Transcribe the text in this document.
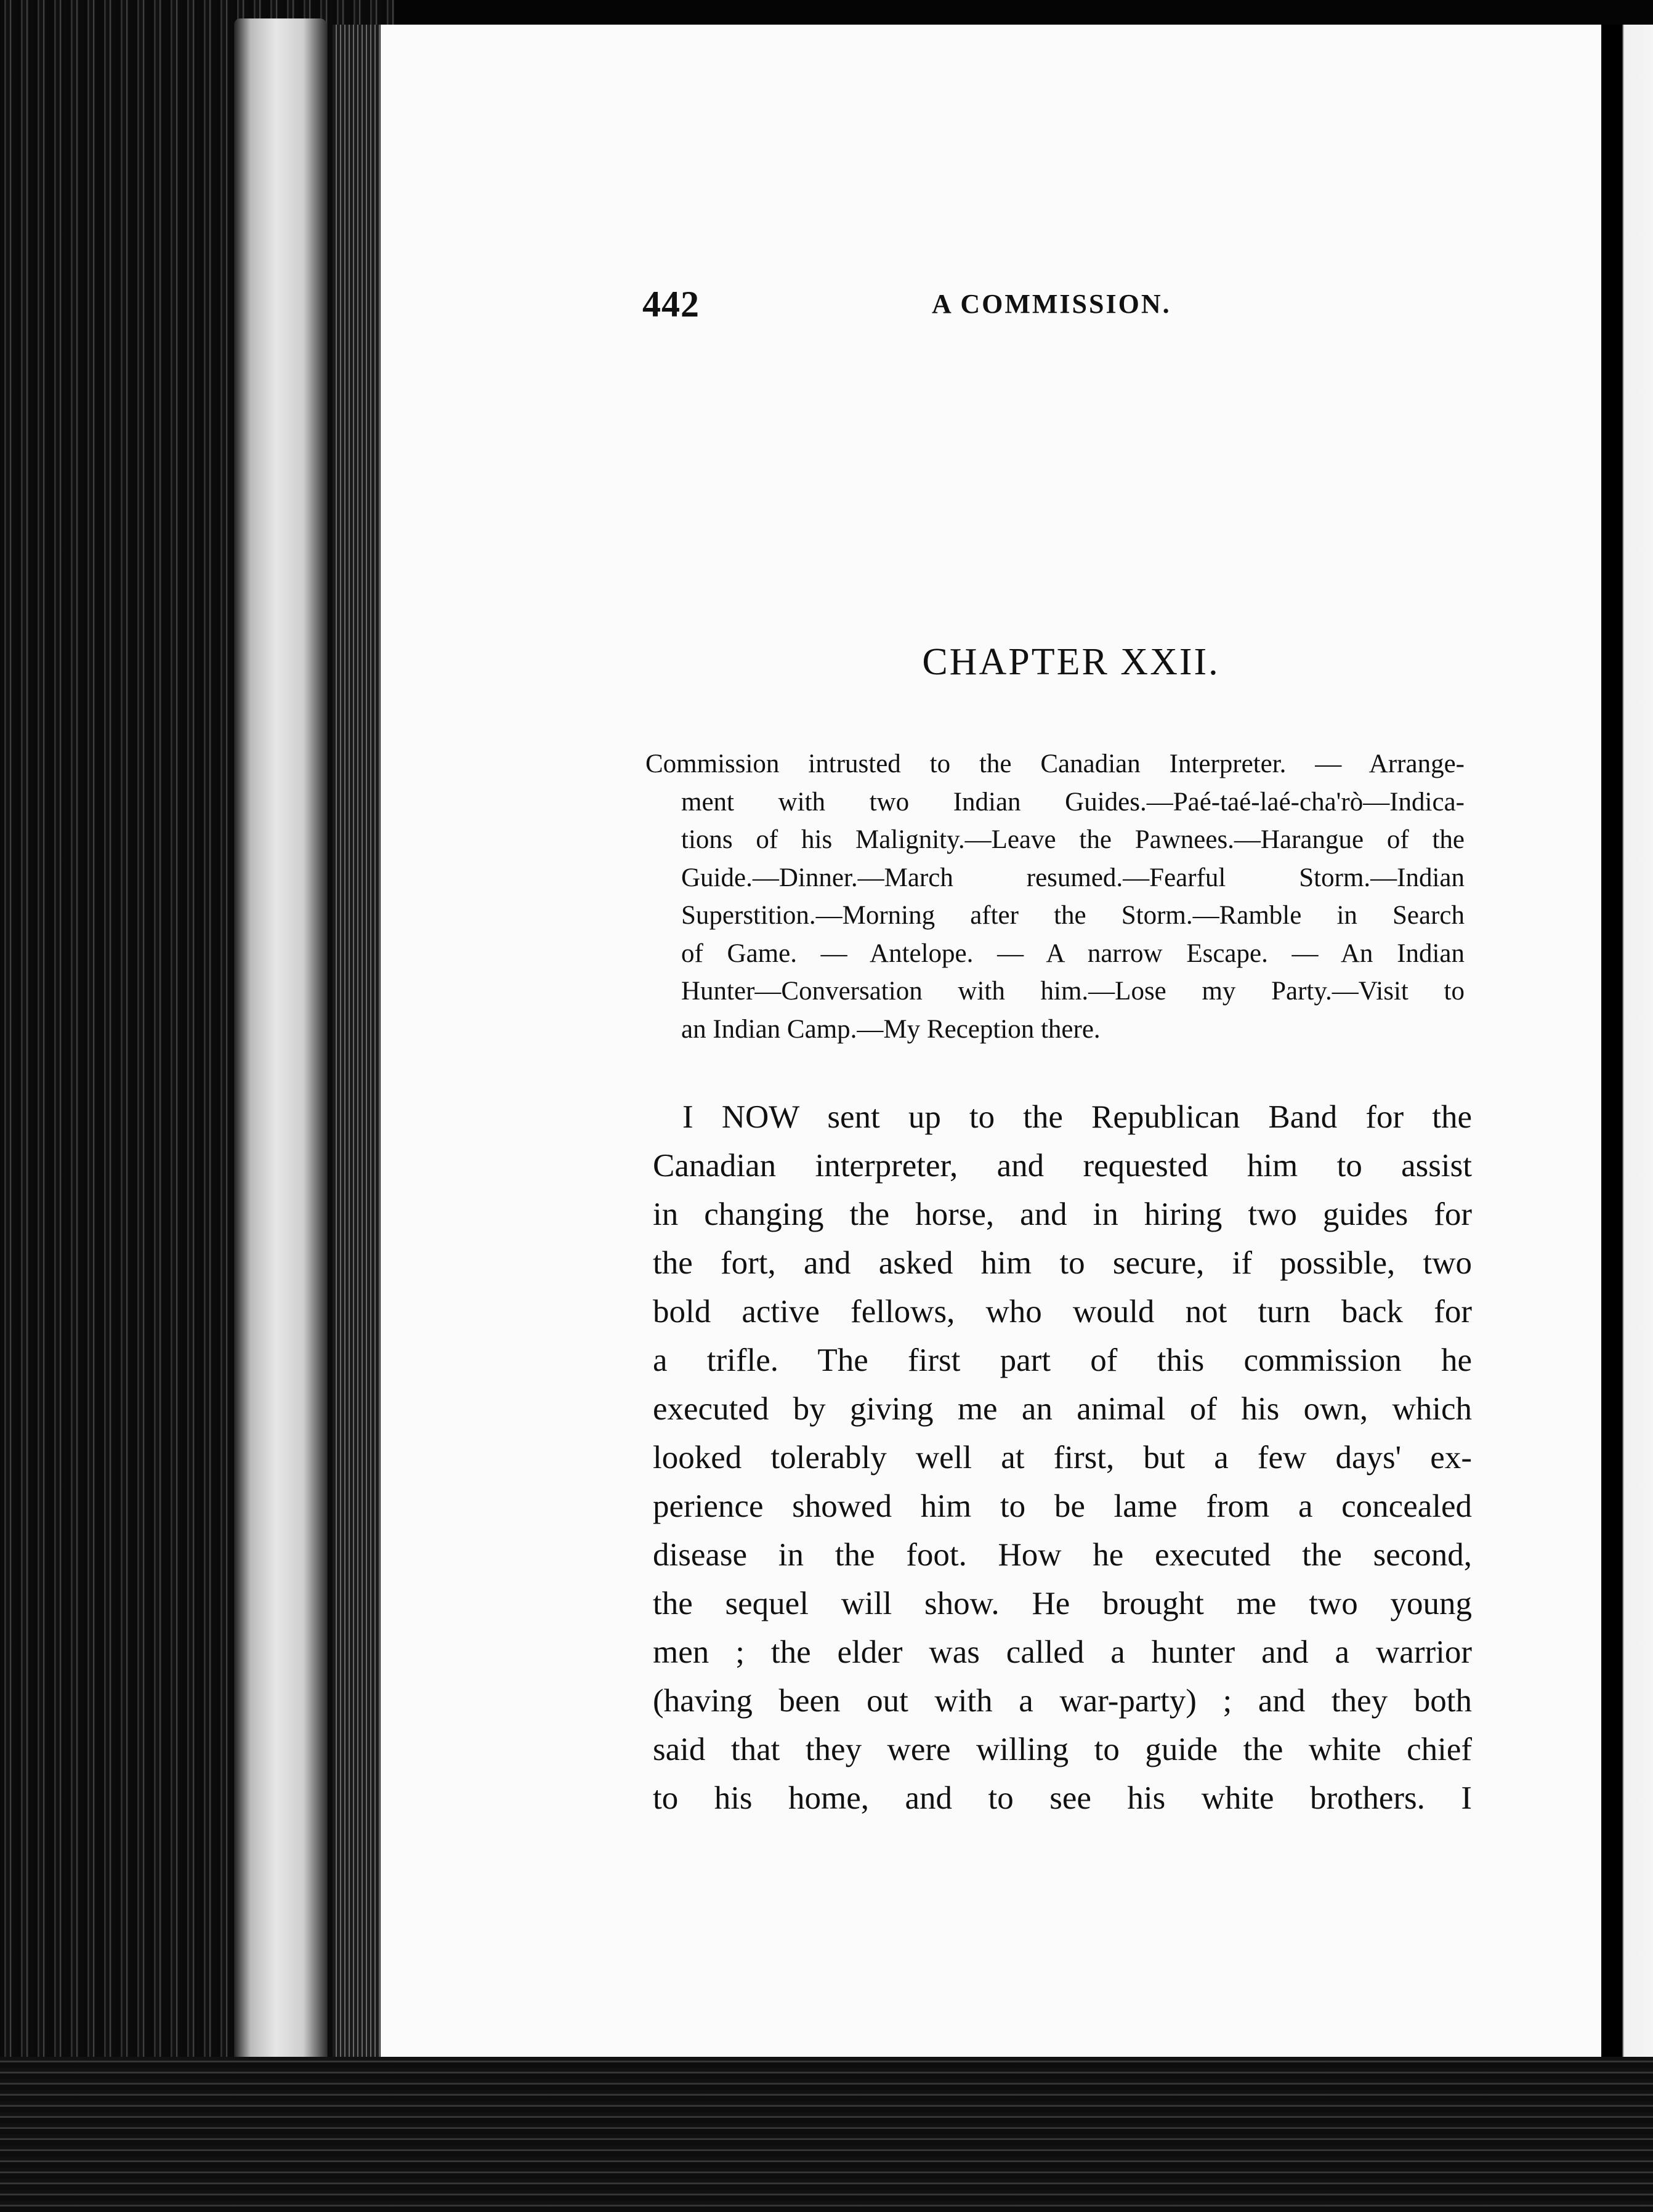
442	A COMMISSION.
CHAPTER XXII.
Commission intrusted to the Canadian Interpreter. — Arrange-
ment with two Indian Guides.—Paé-taé-laé-cha'rò—Indica-
tions of his Malignity.—Leave the Pawnees.—Harangue of the
Guide.—Dinner.—March resumed.—Fearful Storm.—Indian
Superstition.—Morning after the Storm.—Ramble in Search
of Game. — Antelope. — A narrow Escape. — An Indian
Hunter—Conversation with him.—Lose my Party.—Visit to
an Indian Camp.—My Reception there.
I NOW sent up to the Republican Band for the
Canadian interpreter, and requested him to assist
in changing the horse, and in hiring two guides for
the fort, and asked him to secure, if possible, two
bold active fellows, who would not turn back for
a trifle. The first part of this commission he
executed by giving me an animal of his own, which
looked tolerably well at first, but a few days' ex-
perience showed him to be lame from a concealed
disease in the foot. How he executed the second,
the sequel will show. He brought me two young
men ; the elder was called a hunter and a warrior
(having been out with a war-party) ; and they both
said that they were willing to guide the white chief
to his home, and to see his white brothers. I
